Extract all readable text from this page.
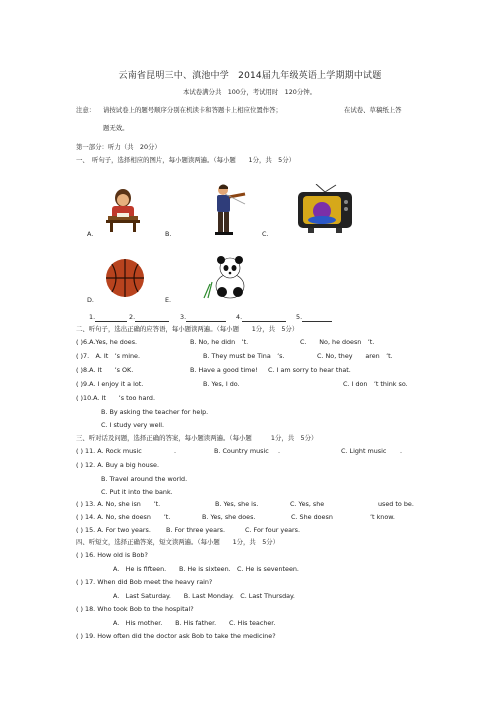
云南省昆明三中、滇池中学　2014届九年级英语上学期期中试题
本试卷满分共　100分，考试用时　120分钟。
注意： 请按试卷上的题号顺序分别在机读卡和答题卡上相应位置作答；	在试卷、草稿纸上答
题无效。
第一部分：听力（共　20分）
一、　听句子，选择相应的图片，每小题读两遍。（每小题　　1分，共　5分）
A.	B.	C.
D.	E.
1.	2.	3.	4.	5.
二、听句子，选出正确的应答语，每小题读两遍。（每小题　　1分，共　5分）
( )6.A.Yes, he does.	B. No, he didn　’t.	C.　　No, he doesn　’t.
( )7.　A. It　’s mine.	B. They must be Tina　’s.	C. No, they　　aren　’t.
( )8.A. It　　’s OK.	B. Have a good time! C. I am sorry to hear that.
( )9.A. I enjoy it a lot.	B. Yes, I do.	C. I don　’t think so.
( )10.A. It　　’s too hard.
B. By asking the teacher for help.
C. I study very well.
三、听对话及问题，选择正确的答案，每小题读两遍。（每小题　　　1分，共　5分）
( ) 11. A. Rock music	.	B. Country music .	C. Light music .
( ) 12. A. Buy a big house.
B. Travel around the world.
C. Put it into the bank.
( ) 13. A. No, she isn　　’t.	B. Yes, she is.	C. Yes, she	used to be.
( ) 14. A. No, she doesn　　’t.	B. Yes, she does.	C. She doesn	’t know.
( ) 15. A. For two years. B. For three years.	C. For four years.
四、听短文，选择正确答案，短文读两遍。（每小题　　1分，共　5分）
( ) 16. How old is Bob?
A.　He is fifteen.　　B. He is sixteen.　C. He is seventeen.
( ) 17. When did Bob meet the heavy rain?
A.　Last Saturday.　　B. Last Monday.　C. Last Thursday.
( ) 18. Who took Bob to the hospital?
A.　His mother.　　B. His father.　　C. His teacher.
( ) 19. How often did the doctor ask Bob to take the medicine?
